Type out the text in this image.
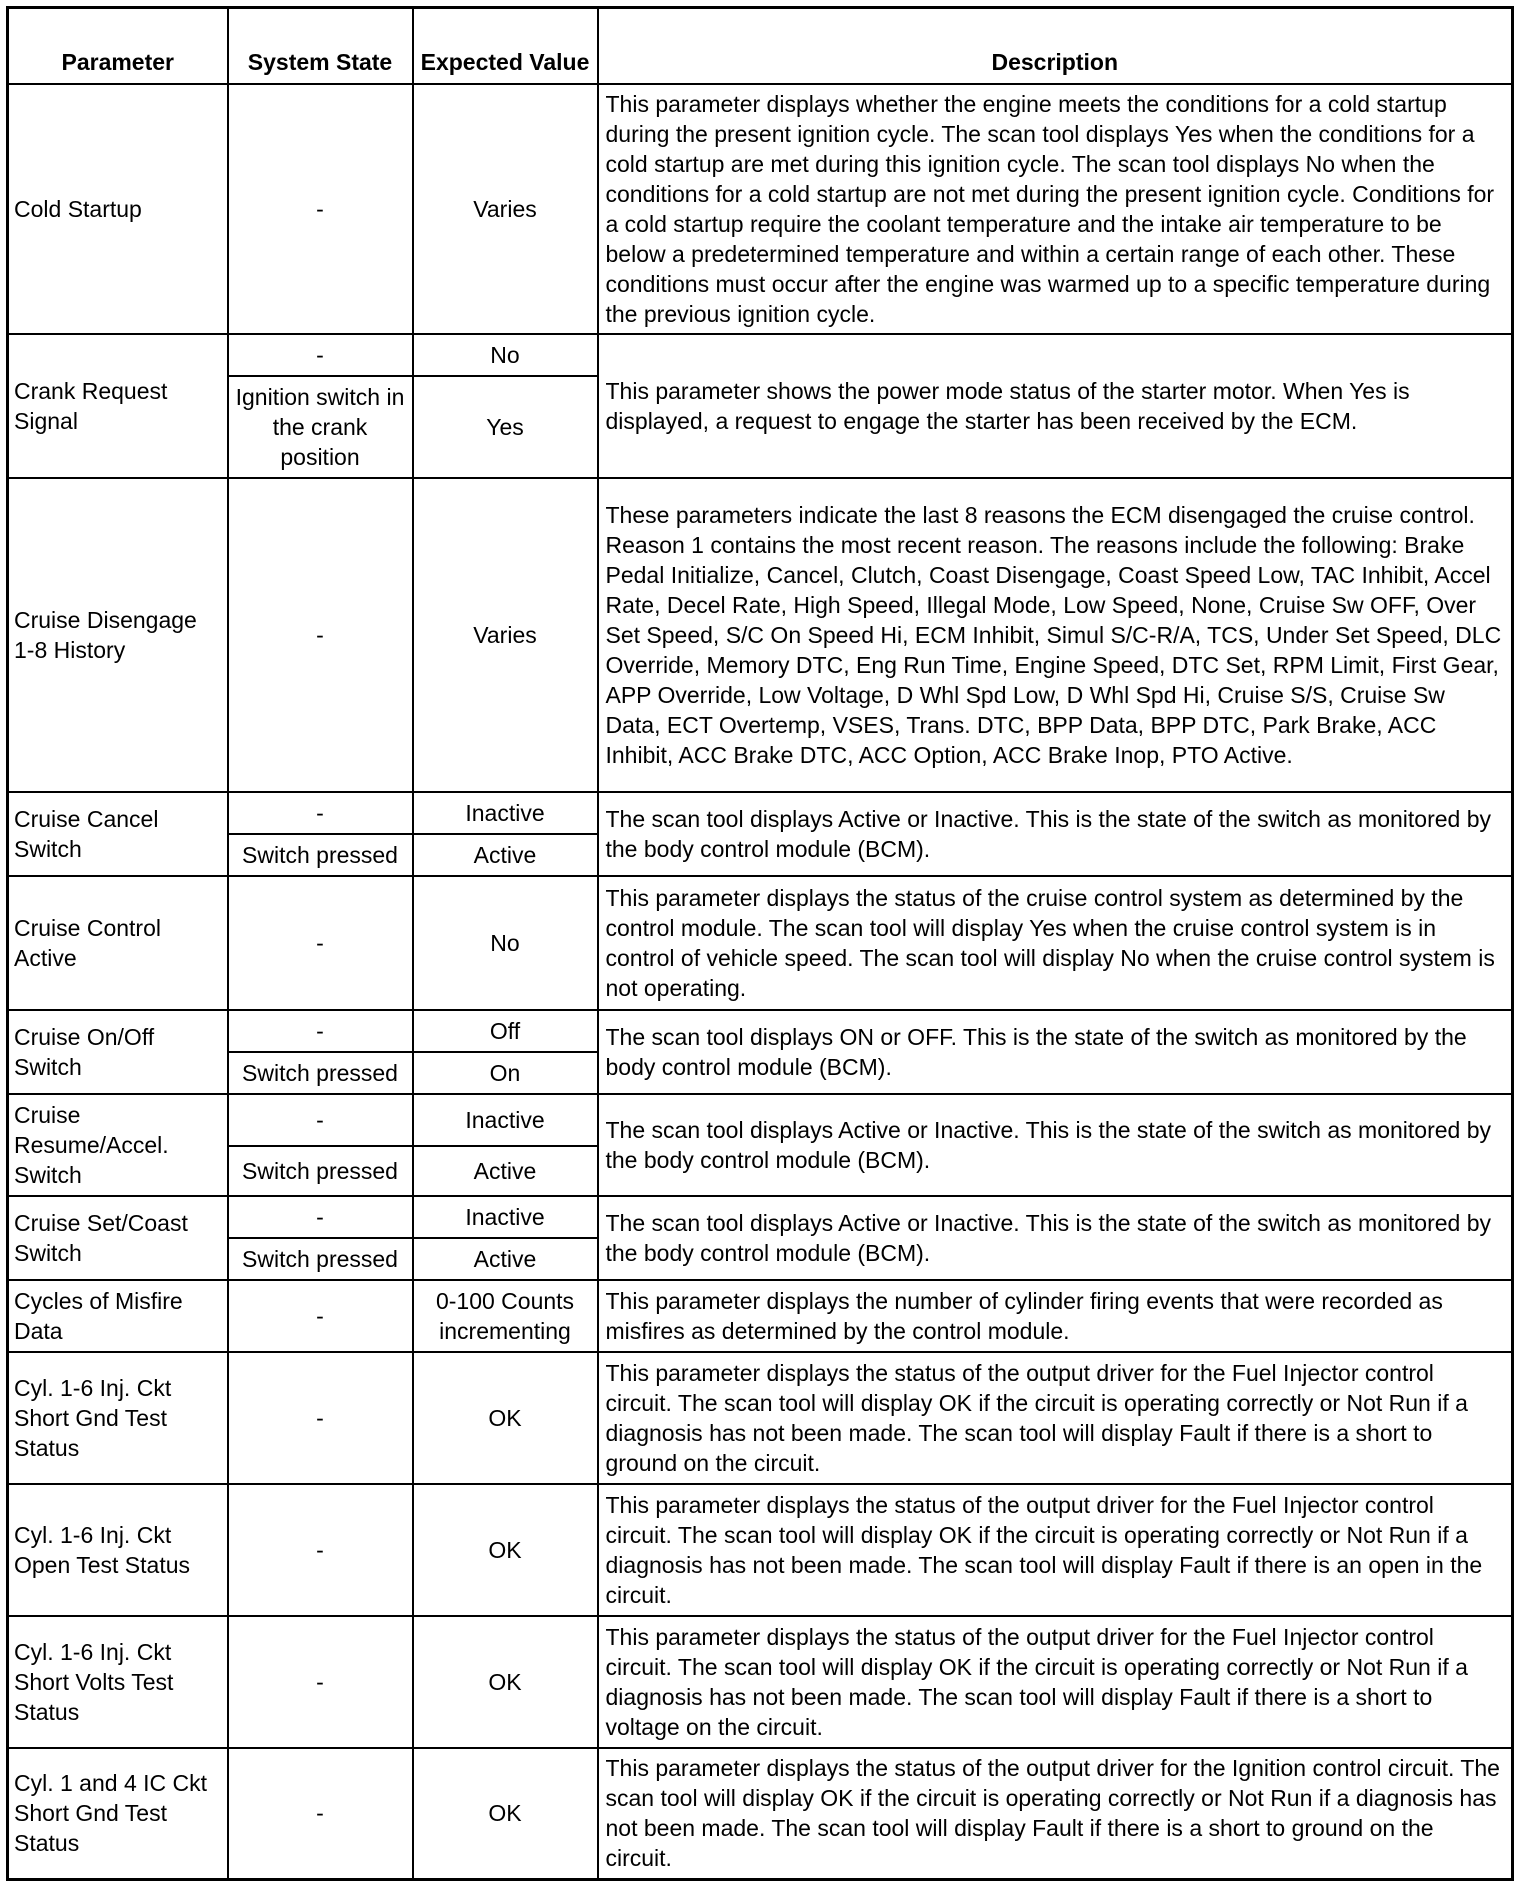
Parameter	System State	Expected Value	Description
Cold Startup	-	Varies	This parameter displays whether the engine meets the conditions for a cold startup during the present ignition cycle. The scan tool displays Yes when the conditions for a cold startup are met during this ignition cycle. The scan tool displays No when the conditions for a cold startup are not met during the present ignition cycle. Conditions for a cold startup require the coolant temperature and the intake air temperature to be below a predetermined temperature and within a certain range of each other. These conditions must occur after the engine was warmed up to a specific temperature during the previous ignition cycle.
Crank Request Signal	-	No	This parameter shows the power mode status of the starter motor. When Yes is displayed, a request to engage the starter has been received by the ECM.
	Ignition switch in the crank position	Yes	
Cruise Disengage 1-8 History	-	Varies	These parameters indicate the last 8 reasons the ECM disengaged the cruise control. Reason 1 contains the most recent reason. The reasons include the following: Brake Pedal Initialize, Cancel, Clutch, Coast Disengage, Coast Speed Low, TAC Inhibit, Accel Rate, Decel Rate, High Speed, Illegal Mode, Low Speed, None, Cruise Sw OFF, Over Set Speed, S/C On Speed Hi, ECM Inhibit, Simul S/C-R/A, TCS, Under Set Speed, DLC Override, Memory DTC, Eng Run Time, Engine Speed, DTC Set, RPM Limit, First Gear, APP Override, Low Voltage, D Whl Spd Low, D Whl Spd Hi, Cruise S/S, Cruise Sw Data, ECT Overtemp, VSES, Trans. DTC, BPP Data, BPP DTC, Park Brake, ACC Inhibit, ACC Brake DTC, ACC Option, ACC Brake Inop, PTO Active.
Cruise Cancel Switch	-	Inactive	The scan tool displays Active or Inactive. This is the state of the switch as monitored by the body control module (BCM).
	Switch pressed	Active	
Cruise Control Active	-	No	This parameter displays the status of the cruise control system as determined by the control module. The scan tool will display Yes when the cruise control system is in control of vehicle speed. The scan tool will display No when the cruise control system is not operating.
Cruise On/Off Switch	-	Off	The scan tool displays ON or OFF. This is the state of the switch as monitored by the body control module (BCM).
	Switch pressed	On	
Cruise Resume/Accel. Switch	-	Inactive	The scan tool displays Active or Inactive. This is the state of the switch as monitored by the body control module (BCM).
	Switch pressed	Active	
Cruise Set/Coast Switch	-	Inactive	The scan tool displays Active or Inactive. This is the state of the switch as monitored by the body control module (BCM).
	Switch pressed	Active	
Cycles of Misfire Data	-	0-100 Counts incrementing	This parameter displays the number of cylinder firing events that were recorded as misfires as determined by the control module.
Cyl. 1-6 Inj. Ckt Short Gnd Test Status	-	OK	This parameter displays the status of the output driver for the Fuel Injector control circuit. The scan tool will display OK if the circuit is operating correctly or Not Run if a diagnosis has not been made. The scan tool will display Fault if there is a short to ground on the circuit.
Cyl. 1-6 Inj. Ckt Open Test Status	-	OK	This parameter displays the status of the output driver for the Fuel Injector control circuit. The scan tool will display OK if the circuit is operating correctly or Not Run if a diagnosis has not been made. The scan tool will display Fault if there is an open in the circuit.
Cyl. 1-6 Inj. Ckt Short Volts Test Status	-	OK	This parameter displays the status of the output driver for the Fuel Injector control circuit. The scan tool will display OK if the circuit is operating correctly or Not Run if a diagnosis has not been made. The scan tool will display Fault if there is a short to voltage on the circuit.
Cyl. 1 and 4 IC Ckt Short Gnd Test Status	-	OK	This parameter displays the status of the output driver for the Ignition control circuit. The scan tool will display OK if the circuit is operating correctly or Not Run if a diagnosis has not been made. The scan tool will display Fault if there is a short to ground on the circuit.
